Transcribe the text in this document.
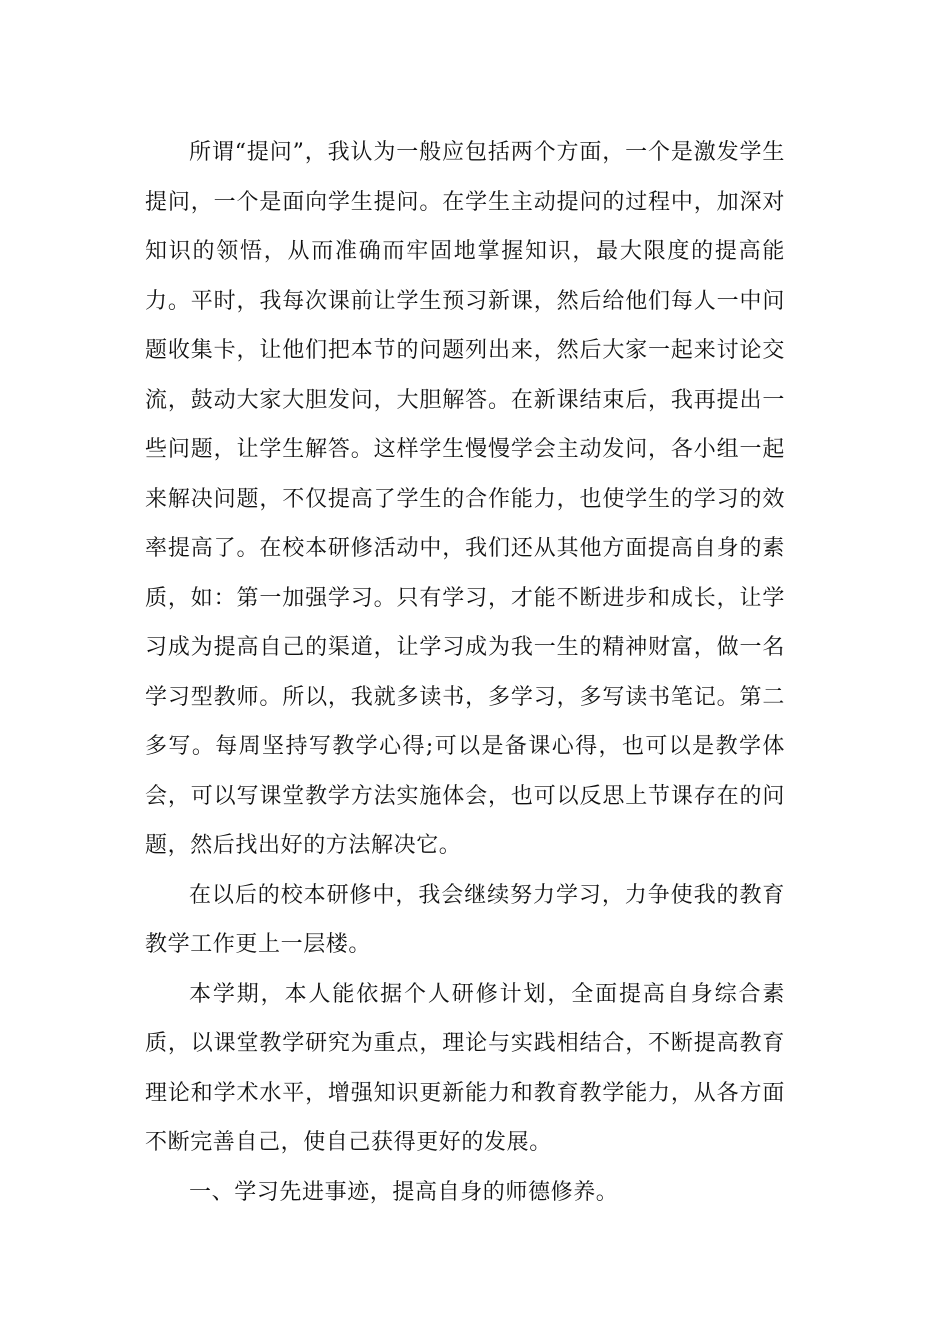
所谓“提问”，我认为一般应包括两个方面，一个是激发学生提问，一个是面向学生提问。在学生主动提问的过程中，加深对知识的领悟，从而准确而牢固地掌握知识，最大限度的提高能力。平时，我每次课前让学生预习新课，然后给他们每人一中问题收集卡，让他们把本节的问题列出来，然后大家一起来讨论交流，鼓动大家大胆发问，大胆解答。在新课结束后，我再提出一些问题，让学生解答。这样学生慢慢学会主动发问，各小组一起来解决问题，不仅提高了学生的合作能力，也使学生的学习的效率提高了。在校本研修活动中，我们还从其他方面提高自身的素质，如：第一加强学习。只有学习，才能不断进步和成长，让学习成为提高自己的渠道，让学习成为我一生的精神财富，做一名学习型教师。所以，我就多读书，多学习，多写读书笔记。第二多写。每周坚持写教学心得;可以是备课心得，也可以是教学体会，可以写课堂教学方法实施体会，也可以反思上节课存在的问题，然后找出好的方法解决它。

在以后的校本研修中，我会继续努力学习，力争使我的教育教学工作更上一层楼。

本学期，本人能依据个人研修计划，全面提高自身综合素质，以课堂教学研究为重点，理论与实践相结合，不断提高教育理论和学术水平，增强知识更新能力和教育教学能力，从各方面不断完善自己，使自己获得更好的发展。

一、学习先进事迹，提高自身的师德修养。
